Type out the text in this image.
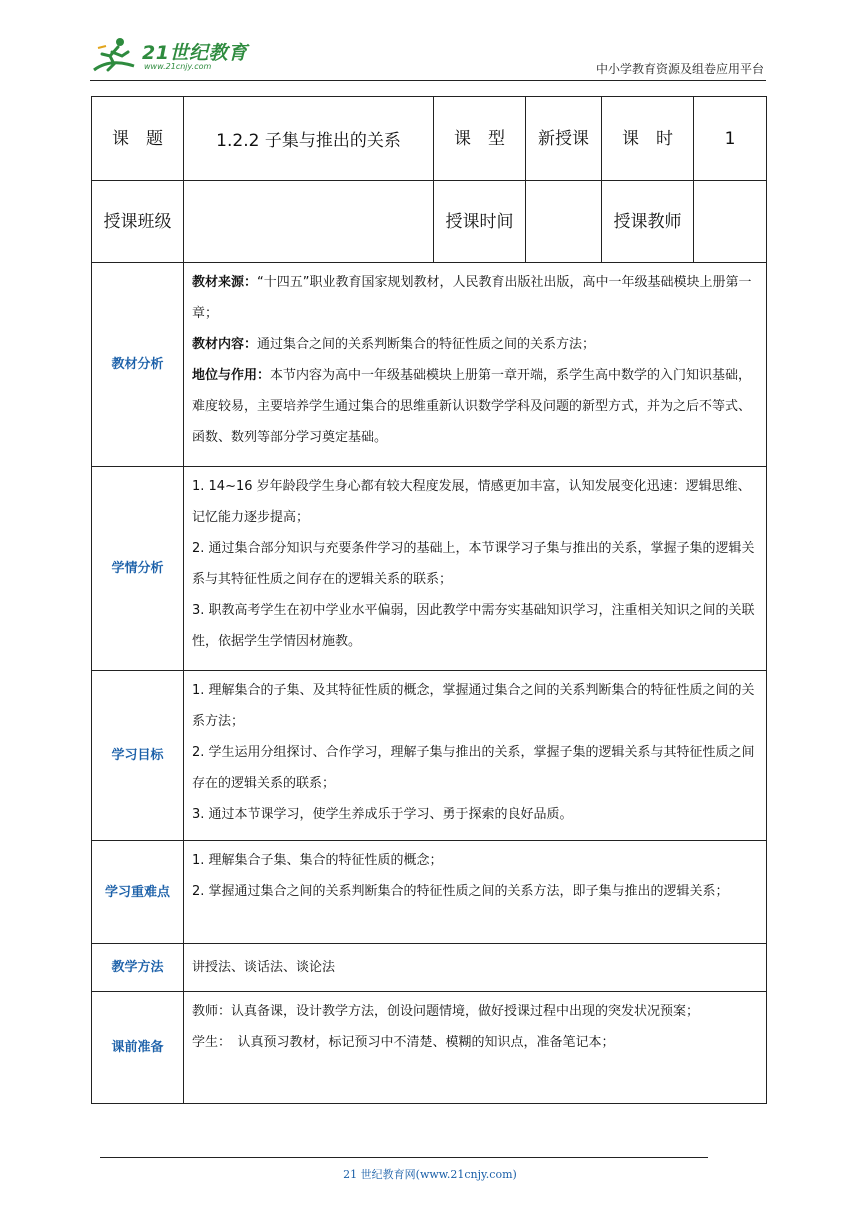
21世纪教育
www.21cnjy.com	中小学教育资源及组卷应用平台
课　题	1.2.2 子集与推出的关系	课　型	新授课	课　时	1

授课班级		授课时间		授课教师	

教材分析	教材来源：“十四五”职业教育国家规划教材，人民教育出版社出版，高中一年级基础模块上册第一章；

教材内容：通过集合之间的关系判断集合的特征性质之间的关系方法；

地位与作用：本节内容为高中一年级基础模块上册第一章开端，系学生高中数学的入门知识基础，难度较易，主要培养学生通过集合的思维重新认识数学学科及问题的新型方式，并为之后不等式、函数、数列等部分学习奠定基础。				

学情分析	1. 14~16 岁年龄段学生身心都有较大程度发展，情感更加丰富，认知发展变化迅速：逻辑思维、记忆能力逐步提高；

2. 通过集合部分知识与充要条件学习的基础上，本节课学习子集与推出的关系，掌握子集的逻辑关系与其特征性质之间存在的逻辑关系的联系；

3. 职教高考学生在初中学业水平偏弱，因此教学中需夯实基础知识学习，注重相关知识之间的关联性，依据学生学情因材施教。				

学习目标	1. 理解集合的子集、及其特征性质的概念，掌握通过集合之间的关系判断集合的特征性质之间的关系方法；

2. 学生运用分组探讨、合作学习，理解子集与推出的关系，掌握子集的逻辑关系与其特征性质之间存在的逻辑关系的联系；

3. 通过本节课学习，使学生养成乐于学习、勇于探索的良好品质。				

学习重难点	1. 理解集合子集、集合的特征性质的概念；

2. 掌握通过集合之间的关系判断集合的特征性质之间的关系方法，即子集与推出的逻辑关系；				

教学方法	讲授法、谈话法、谈论法				

课前准备	教师：认真备课，设计教学方法，创设问题情境，做好授课过程中出现的突发状况预案；

学生：　认真预习教材，标记预习中不清楚、模糊的知识点，准备笔记本；				

21 世纪教育网(www.21cnjy.com)
